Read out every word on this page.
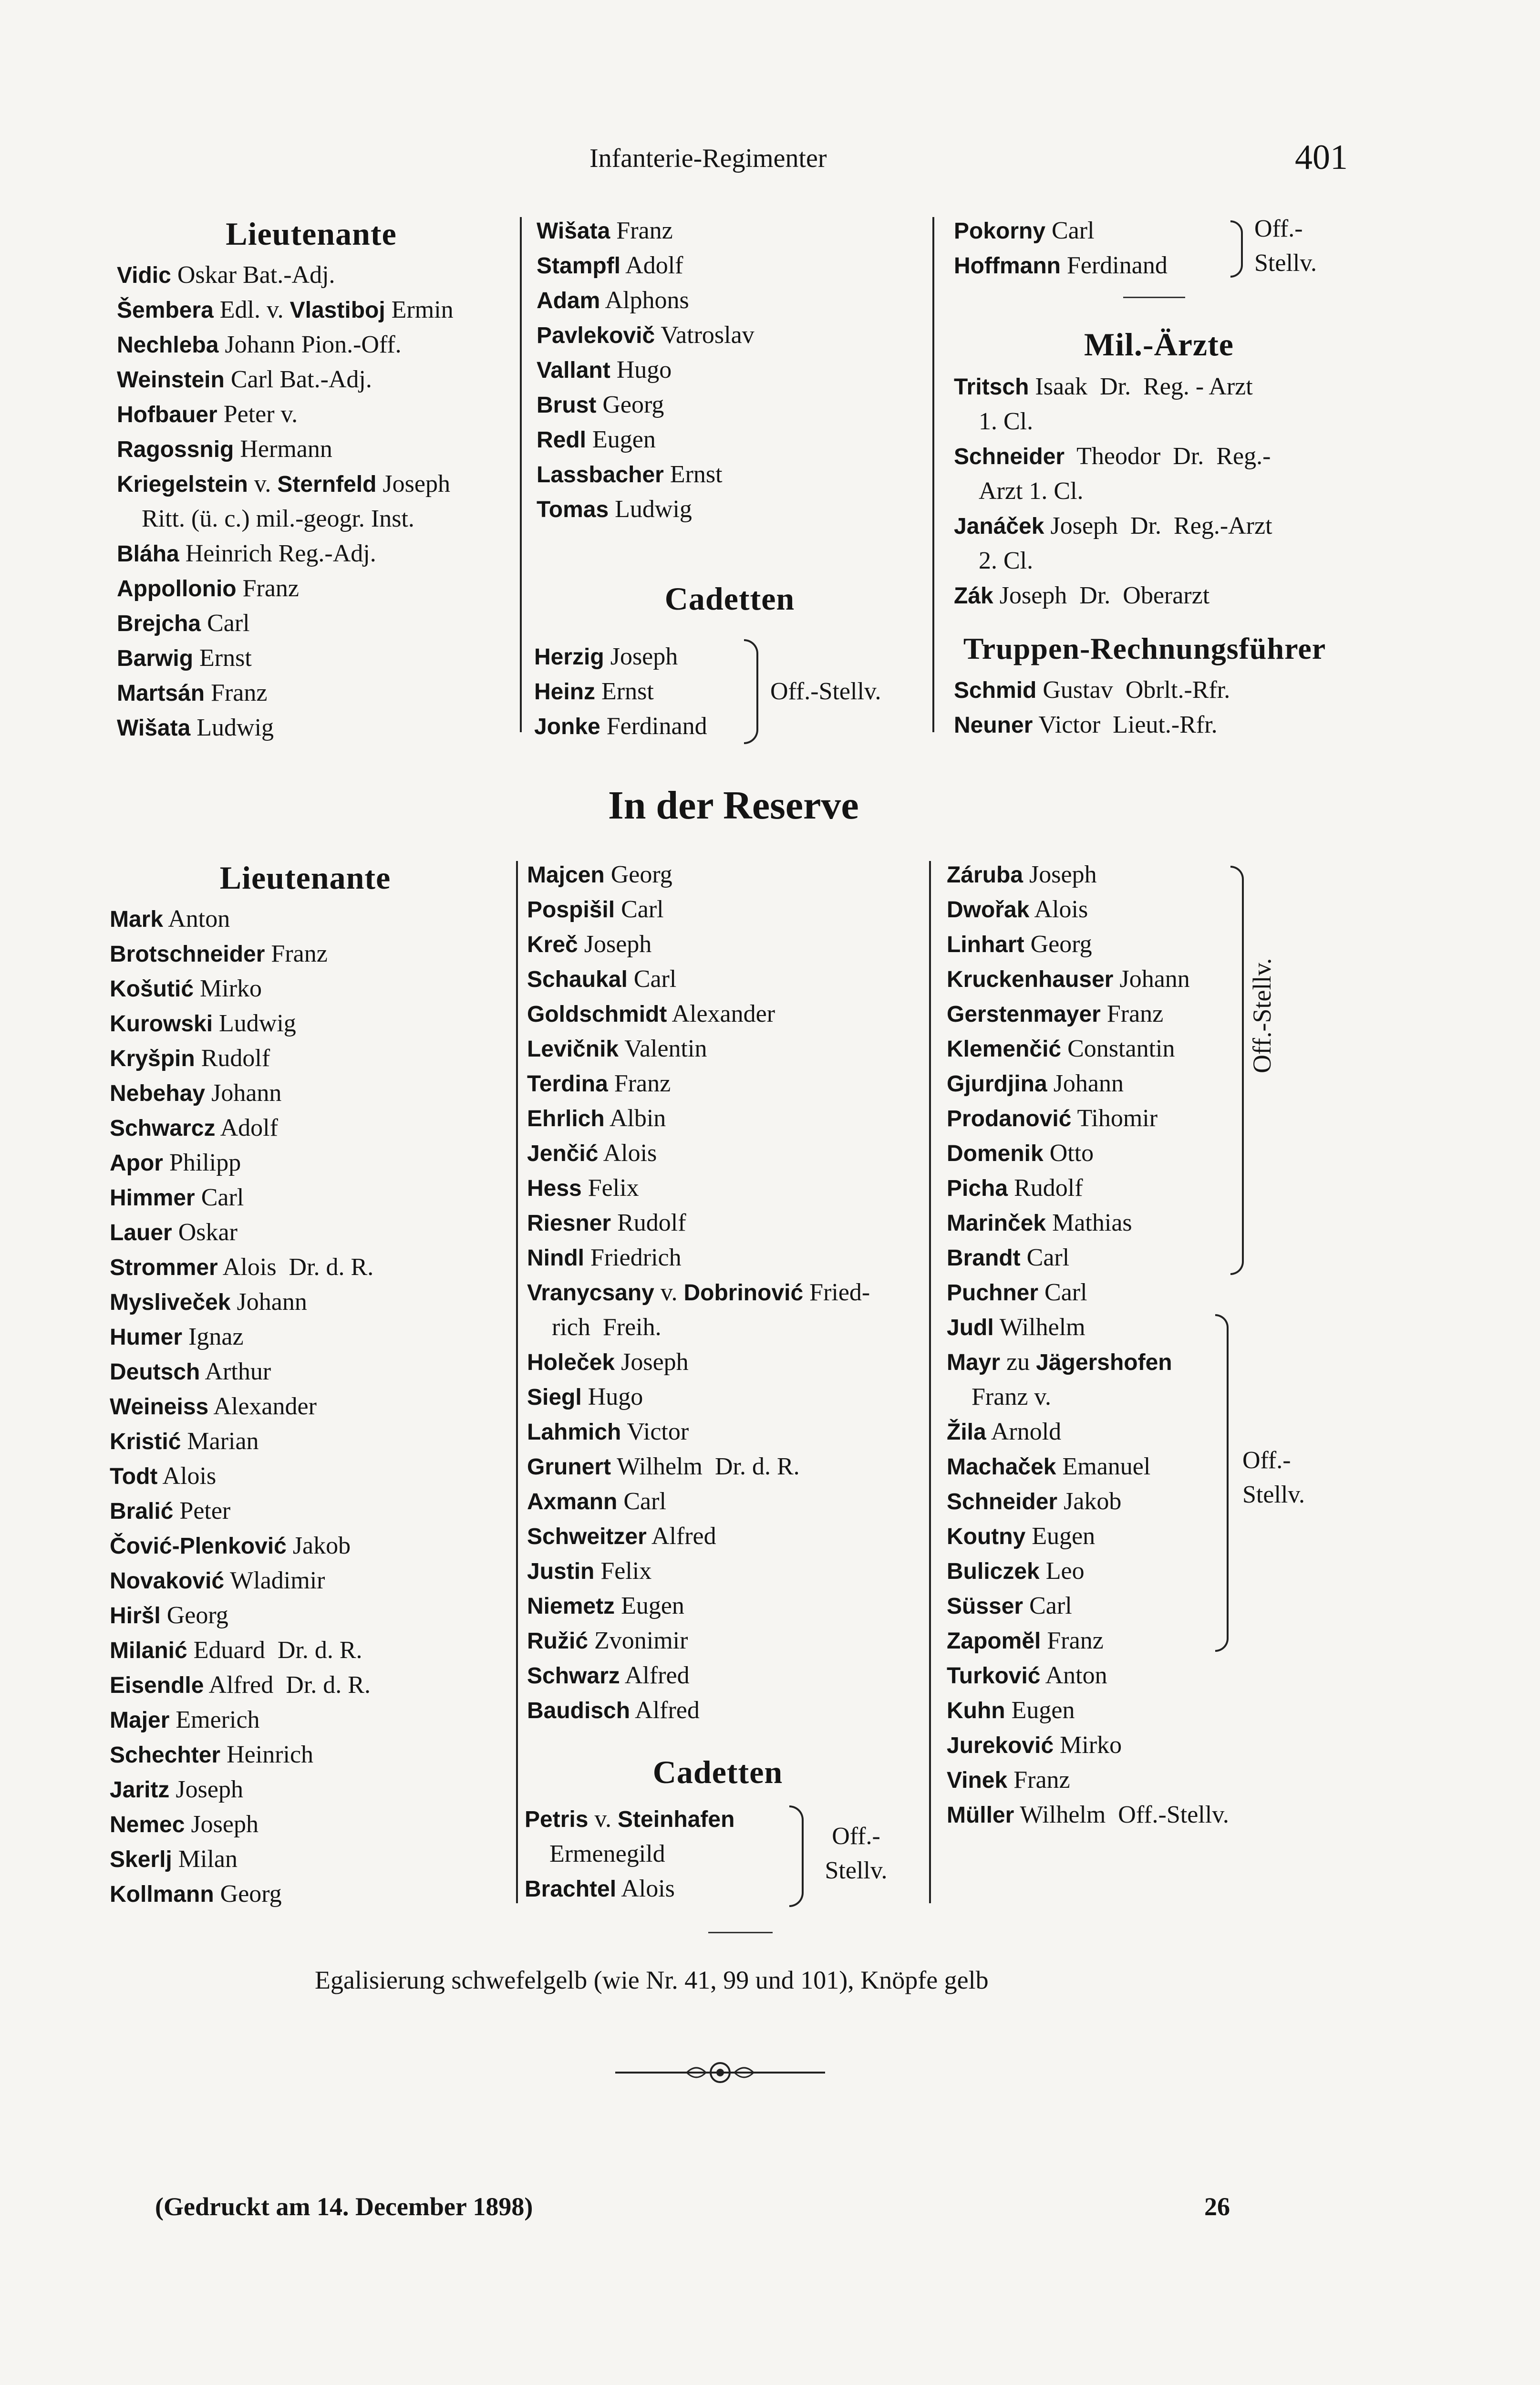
Infanterie-Regimenter	401
Lieutenante
Vidic Oskar Bat.-Adj.
Šembera Edl. v. Vlastiboj Ermin
Nechleba Johann Pion.-Off.
Weinstein Carl Bat.-Adj.
Hofbauer Peter v.
Ragossnig Hermann
Kriegelstein v. Sternfeld Joseph
Ritt. (ü. c.) mil.-geogr. Inst.
Bláha Heinrich Reg.-Adj.
Appollonio Franz
Brejcha Carl
Barwig Ernst
Martsán Franz
Wišata Ludwig
Wišata Franz
Stampfl Adolf
Adam Alphons
Pavlekovič Vatroslav
Vallant Hugo
Brust Georg
Redl Eugen
Lassbacher Ernst
Tomas Ludwig
Cadetten
Herzig Joseph
Heinz Ernst
Jonke Ferdinand
Off.-Stellv.
Pokorny Carl
Hoffmann Ferdinand
Off.-
Stellv.
Mil.-Ärzte
Tritsch Isaak  Dr.  Reg. - Arzt
1. Cl.
Schneider  Theodor  Dr.  Reg.-
Arzt 1. Cl.
Janáček Joseph  Dr.  Reg.-Arzt
2. Cl.
Zák Joseph  Dr.  Oberarzt
Truppen-Rechnungsführer
Schmid Gustav  Obrlt.-Rfr.
Neuner Victor  Lieut.-Rfr.
In der Reserve
Lieutenante
Mark Anton
Brotschneider Franz
Košutić Mirko
Kurowski Ludwig
Kryšpin Rudolf
Nebehay Johann
Schwarcz Adolf
Apor Philipp
Himmer Carl
Lauer Oskar
Strommer Alois  Dr. d. R.
Mysliveček Johann
Humer Ignaz
Deutsch Arthur
Weineiss Alexander
Kristić Marian
Todt Alois
Bralić Peter
Čović-Plenković Jakob
Novaković Wladimir
Hiršl Georg
Milanić Eduard  Dr. d. R.
Eisendle Alfred  Dr. d. R.
Majer Emerich
Schechter Heinrich
Jaritz Joseph
Nemec Joseph
Skerlj Milan
Kollmann Georg
Majcen Georg
Pospišil Carl
Kreč Joseph
Schaukal Carl
Goldschmidt Alexander
Levičnik Valentin
Terdina Franz
Ehrlich Albin
Jenčić Alois
Hess Felix
Riesner Rudolf
Nindl Friedrich
Vranycsany v. Dobrinović Fried-
rich  Freih.
Holeček Joseph
Siegl Hugo
Lahmich Victor
Grunert Wilhelm  Dr. d. R.
Axmann Carl
Schweitzer Alfred
Justin Felix
Niemetz Eugen
Ružić Zvonimir
Schwarz Alfred
Baudisch Alfred
Cadetten
Petris v. Steinhafen
Ermenegild
Brachtel Alois
Off.-
Stellv.
Záruba Joseph
Dwořak Alois
Linhart Georg
Kruckenhauser Johann
Gerstenmayer Franz
Klemenčić Constantin
Gjurdjina Johann
Prodanović Tihomir
Domenik Otto
Picha Rudolf
Marinček Mathias
Brandt Carl
Puchner Carl
Judl Wilhelm
Mayr zu Jägershofen
Franz v.
Žila Arnold
Machaček Emanuel
Schneider Jakob
Koutny Eugen
Buliczek Leo
Süsser Carl
Zapomĕl Franz
Turković Anton
Kuhn Eugen
Jureković Mirko
Vinek Franz
Müller Wilhelm  Off.-Stellv.
Off.-Stellv.
Off.-
Stellv.
Egalisierung schwefelgelb (wie Nr. 41, 99 und 101), Knöpfe gelb
(Gedruckt am 14. December 1898)	26
